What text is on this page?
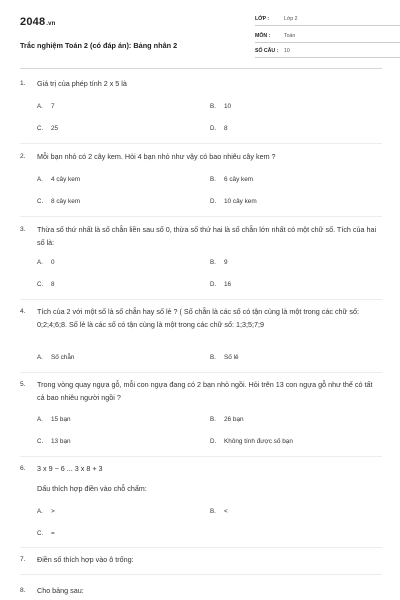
2048.vn
Trắc nghiệm Toán 2 (có đáp án): Bảng nhân 2
LỚP :	Lớp 2
MÔN :	Toán
SỐ CÂU : 10
1. Giá trị của phép tính 2 x 5 là
A. 7	B. 10
C. 25	D. 8
2. Mỗi bạn nhỏ có 2 cây kem. Hỏi 4 bạn nhỏ như vậy có bao nhiêu cây kem ?
A. 4 cây kem	B. 6 cây kem
C. 8 cây kem	D. 10 cây kem
3. Thừa số thứ nhất là số chẵn liền sau số 0, thừa số thứ hai là số chẵn lớn nhất có một chữ số. Tích của hai số là:
A. 0	B. 9
C. 8	D. 16
4. Tích của 2 với một số là số chẵn hay số lẻ ? ( Số chẵn là các số có tận cùng là một trong các chữ số: 0;2;4;6;8. Số lẻ là các số có tận cùng là một trong các chữ số: 1;3;5;7;9
A. Số chẵn	B. Số lẻ
5. Trong vòng quay ngựa gỗ, mỗi con ngựa đang có 2 bạn nhỏ ngồi. Hỏi trên 13 con ngựa gỗ như thế có tất cả bao nhiêu người ngồi ?
A. 15 bạn	B. 26 bạn
C. 13 bạn	D. Không tính được số bạn
6. 3 x 9 − 6 ... 3 x 8 + 3
Dấu thích hợp điền vào chỗ chấm:
A. >	B. <
C. =
7. Điền số thích hợp vào ô trống:
8. Cho bảng sau:
